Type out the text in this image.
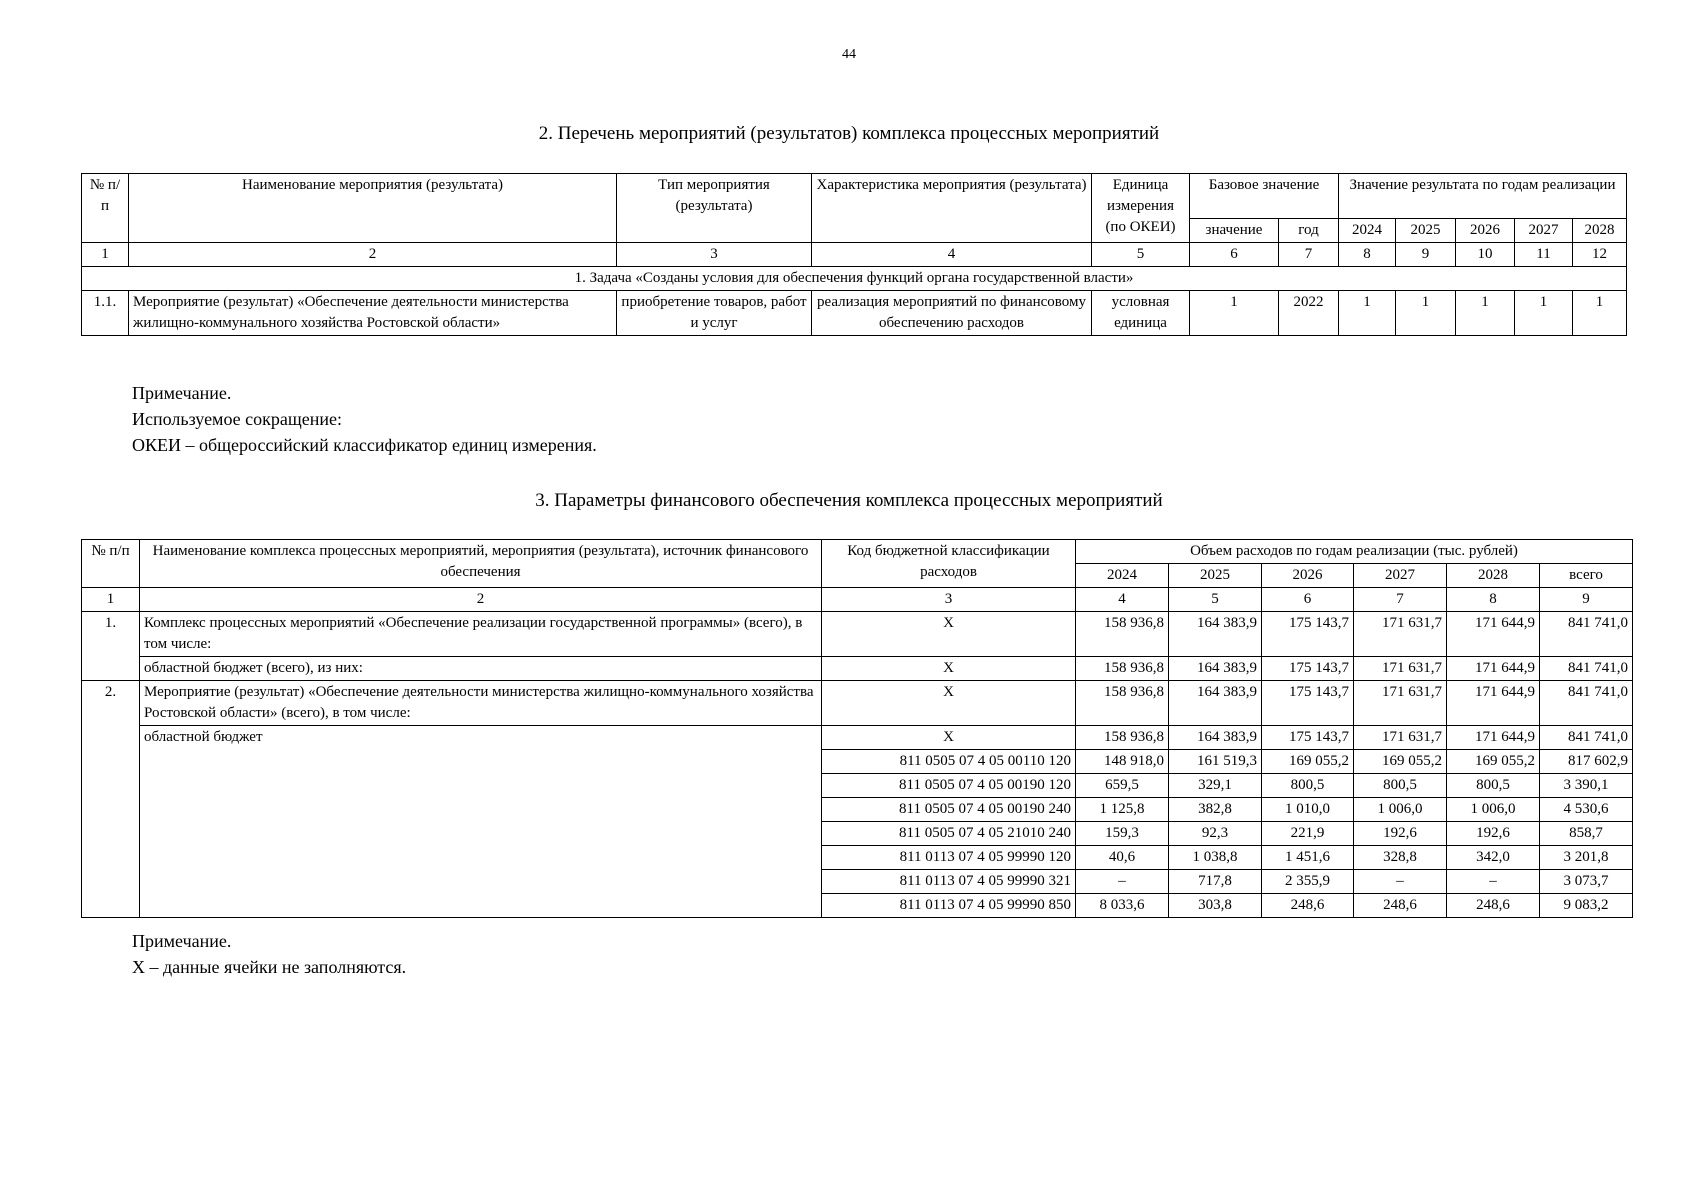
44
2. Перечень мероприятий (результатов) комплекса процессных мероприятий
№ п/п	Наименование мероприятия (результата)	Тип мероприятия (результата)	Характеристика мероприятия (результата)	Единица измерения (по ОКЕИ)	Базовое значение		Значение результата по годам реализации				
					значение	год	2024	2025	2026	2027	2028
1	2	3	4	5	6	7	8	9	10	11	12
1. Задача «Созданы условия для обеспечения функций органа государственной власти»											
1.1.	Мероприятие (результат) «Обеспечение деятельности министерства жилищно-коммунального хозяйства Ростовской области»	приобретение товаров, работ и услуг	реализация мероприятий по финансовому обеспечению расходов	условная единица	1	2022	1	1	1	1	1
Примечание.
Используемое сокращение:
ОКЕИ – общероссийский классификатор единиц измерения.
3. Параметры финансового обеспечения комплекса процессных мероприятий
№ п/п	Наименование комплекса процессных мероприятий, мероприятия (результата), источник финансового обеспечения	Код бюджетной классификации расходов	Объем расходов по годам реализации (тыс. рублей)					
			2024	2025	2026	2027	2028	всего
1	2	3	4	5	6	7	8	9
1.	Комплекс процессных мероприятий «Обеспечение реализации государственной программы» (всего), в том числе:	Х	158 936,8	164 383,9	175 143,7	171 631,7	171 644,9	841 741,0
	областной бюджет (всего), из них:	Х	158 936,8	164 383,9	175 143,7	171 631,7	171 644,9	841 741,0
2.	Мероприятие (результат) «Обеспечение деятельности министерства жилищно-коммунального хозяйства Ростовской области» (всего), в том числе:	Х	158 936,8	164 383,9	175 143,7	171 631,7	171 644,9	841 741,0
	областной бюджет	Х	158 936,8	164 383,9	175 143,7	171 631,7	171 644,9	841 741,0
		811 0505 07 4 05 00110 120	148 918,0	161 519,3	169 055,2	169 055,2	169 055,2	817 602,9
		811 0505 07 4 05 00190 120	659,5	329,1	800,5	800,5	800,5	3 390,1
		811 0505 07 4 05 00190 240	1 125,8	382,8	1 010,0	1 006,0	1 006,0	4 530,6
		811 0505 07 4 05 21010 240	159,3	92,3	221,9	192,6	192,6	858,7
		811 0113 07 4 05 99990 120	40,6	1 038,8	1 451,6	328,8	342,0	3 201,8
		811 0113 07 4 05 99990 321	–	717,8	2 355,9	–	–	3 073,7
		811 0113 07 4 05 99990 850	8 033,6	303,8	248,6	248,6	248,6	9 083,2
Примечание.
Х – данные ячейки не заполняются.
